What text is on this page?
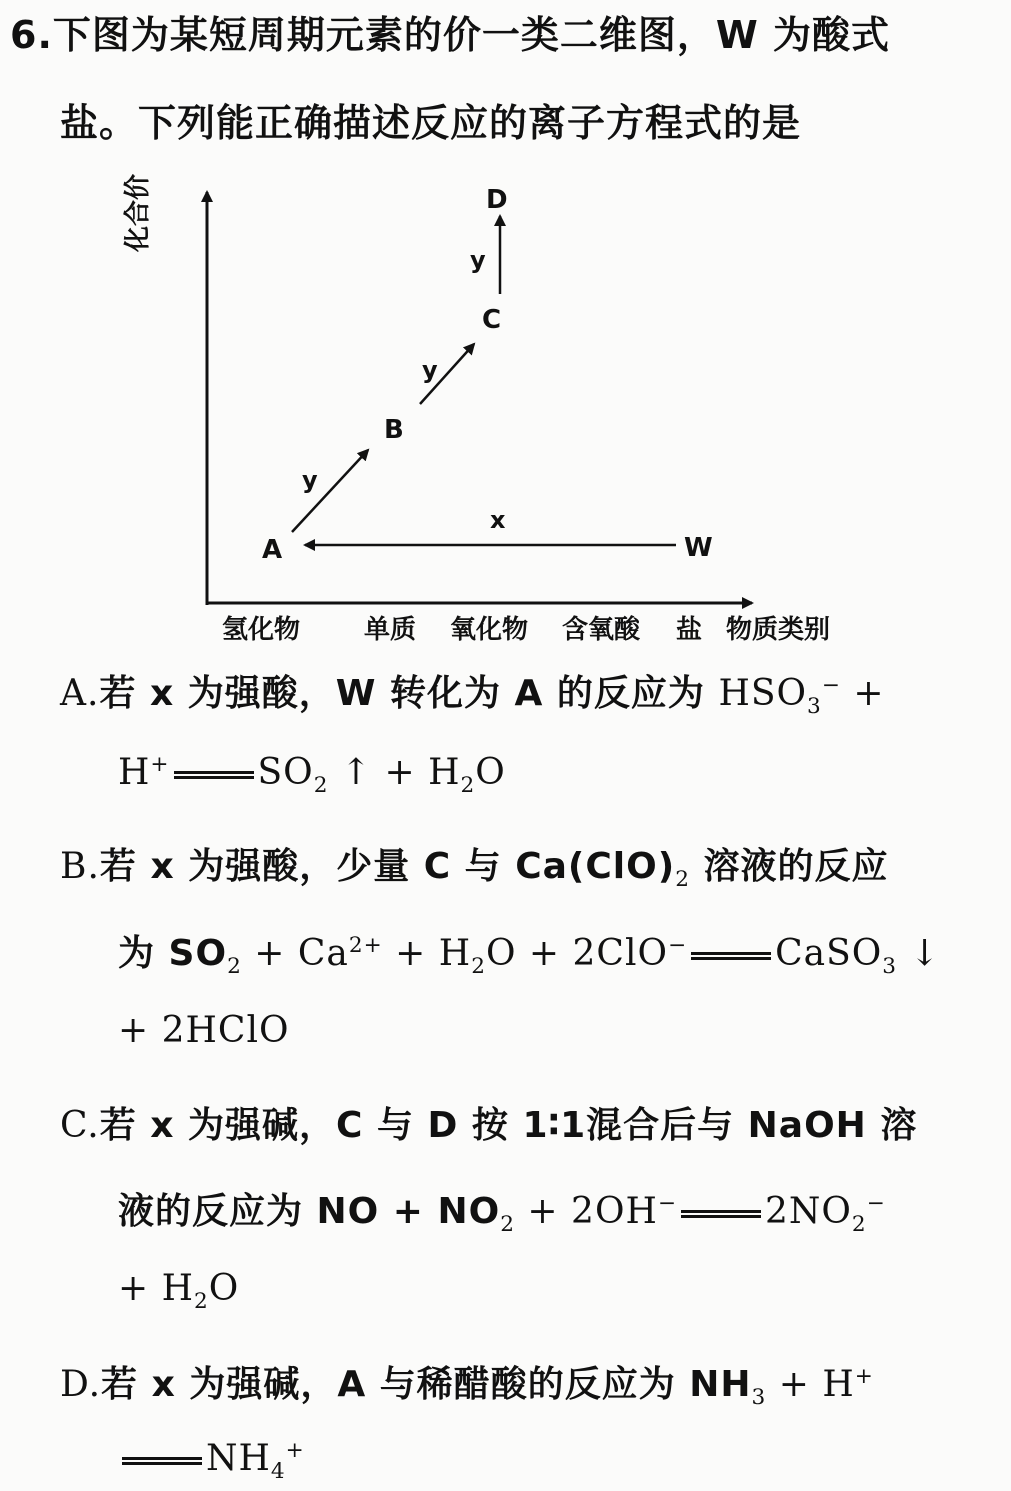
6.下图为某短周期元素的价一类二维图，W 为酸式
盐。下列能正确描述反应的离子方程式的是
化合价
A
B
C
D
W
x
y
y
y
氢化物 单质 氧化物 含氧酸 盐 物质类别
A.若 x 为强酸，W 转化为 A 的反应为 $HSO_3^-$ +
H+ $SO_2$ ↑ + $H_2O$
B.若 x 为强酸，少量 C 与 $Ca(ClO)_2$ 溶液的反应
为 $SO_2 + Ca^{2+} + H_2O + 2ClO^-$ CaSO$_3$ ↓
+ 2HClO
C.若 x 为强碱，C 与 D 按 1∶1混合后与 NaOH 溶
液的反应为 NO + $NO_2 + 2OH^-$ $2NO_2^-$
+ $H_2O$
D.若 x 为强碱，A 与稀醋酸的反应为 $NH_3 + H^+$
$NH_4^+$
